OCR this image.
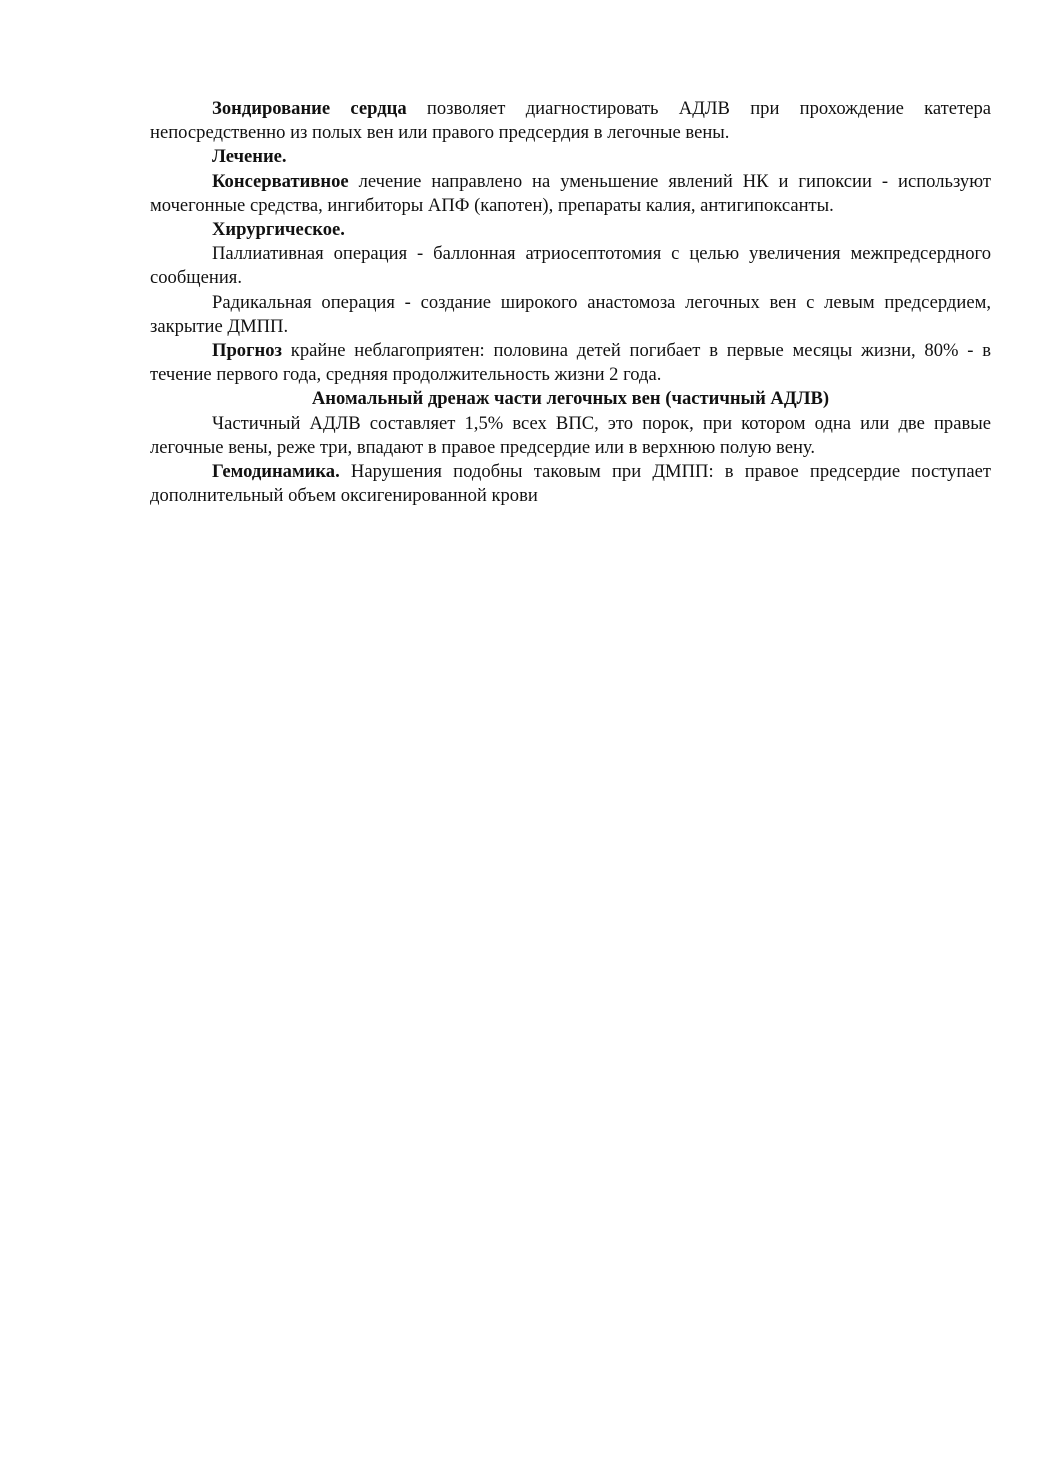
Зондирование сердца позволяет диагностировать АДЛВ при прохождение катетера непосредственно из полых вен или правого предсердия в легочные вены.

Лечение.

Консервативное лечение направлено на уменьшение явлений НК и гипоксии - используют мочегонные средства, ингибиторы АПФ (капотен), препараты калия, антигипоксанты.

Хирургическое.

Паллиативная операция - баллонная атриосептотомия с целью увеличения межпредсердного сообщения.

Радикальная операция - создание широкого анастомоза легочных вен с левым предсердием, закрытие ДМПП.

Прогноз крайне неблагоприятен: половина детей погибает в первые месяцы жизни, 80% - в течение первого года, средняя продолжительность жизни 2 года.

Аномальный дренаж части легочных вен (частичный АДЛВ)

Частичный АДЛВ составляет 1,5% всех ВПС, это порок, при котором одна или две правые легочные вены, реже три, впадают в правое предсердие или в верхнюю полую вену.

Гемодинамика. Нарушения подобны таковым при ДМПП: в правое предсердие поступает дополнительный объем оксигенированной крови
